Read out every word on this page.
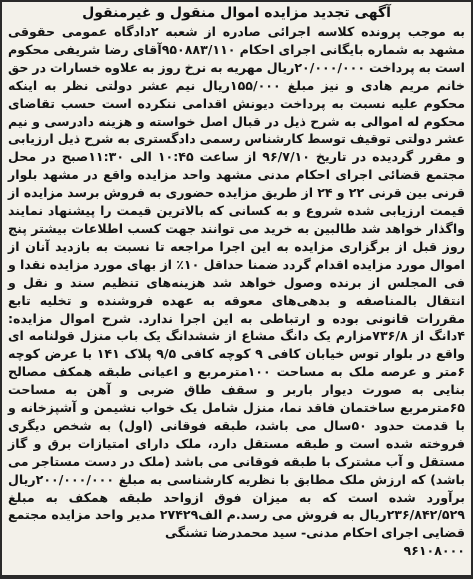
آگهی تجدید مزایده اموال منقول و غیرمنقول
به موجب پرونده کلاسه اجرائی صادره از شعبه ۲دادگاه عمومی حقوقی مشهد به شماره بایگانی اجرای احکام ۹۵۰۸۸۳/۱۱۰آقای رضا شریفی محکوم است به پرداخت ۲۰/۰۰۰/۰۰۰ریال مهریه به نرخ روز به علاوه خسارات در حق خانم مریم هادی و نیز مبلغ ۱۵۵/۰۰۰ریال نیم عشر دولتی نظر به اینکه محکوم علیه نسبت به پرداخت دیونش اقدامی ننکرده است حسب تقاضای محکوم له اموالی به شرح ذیل در قبال اصل خواسته و هزینه دادرسی و نیم عشر دولتی توقیف توسط کارشناس رسمی دادگستری به شرح ذیل ارزیابی و مقرر گردیده در تاریخ ۹۶/۷/۱۰ از ساعت ۱۰:۴۵ الی ۱۱:۳۰صبح در محل مجتمع قضائی اجرای احکام مدنی مشهد واحد مزایده واقع در مشهد بلوار قرنی بین قرنی ۲۲ و ۲۴ از طریق مزایده حضوری به فروش برسد مزایده از قیمت ارزیابی شده شروع و به کسانی که بالاترین قیمت را پیشنهاد نمایند واگذار خواهد شد طالبین به خرید می توانند جهت کسب اطلاعات بیشتر پنج روز قبل از برگزاری مزایده به این اجرا مراجعه تا نسبت به بازدید آنان از اموال مورد مزایده اقدام گردد ضمنا حداقل ۱۰٪ از بهای مورد مزایده نقدا و فی المجلس از برنده وصول خواهد شد هزینه‌های تنظیم سند و نقل و انتقال بالمناصفه و بدهی‌های معوقه به عهده فروشنده و تخلیه تابع مقررات قانونی بوده و ارتباطی به این اجرا ندارد. شرح اموال مزایده: ۴دانگ از ۷۳۶/۸مزارم یک دانگ مشاع از ششدانگ یک باب منزل قولنامه ای واقع در بلوار توس خیابان کافی ۹ کوچه کافی ۹/۵ پلاک ۱۴۱ با عرض کوچه ۶متر و عرصه ملک به مساحت ۱۰۰مترمربع و اعیانی طبقه همکف مصالح بنایی به صورت دیوار باربر و سقف طاق ضربی و آهن به مساحت ۶۵مترمربع ساختمان فاقد نما، منزل شامل یک خواب نشیمن و آشپزخانه و با قدمت حدود ۵۰سال می باشد، طبقه فوقانی (اول) به شخص دیگری فروخته شده است و طبقه مستقل دارد، ملک دارای امتیازات برق و گاز مستقل و آب مشترک با طبقه فوقانی می باشد (ملک در دست مستاجر می باشد) که ارزش ملک مطابق با نظریه کارشناسی به مبلغ ۲۰۰/۰۰۰/۰۰۰ریال برآورد شده است که به میزان فوق ازواحد طبقه همکف به مبلغ ۲۳۶/۸۴۲/۵۲۹ریال به فروش می رسد.م الف۲۷۴۲۹ مدیر واحد مزایده مجتمع قضایی اجرای احکام مدنی- سید محمدرضا تشنگی
۹۶۱۰۸۰۰۰
